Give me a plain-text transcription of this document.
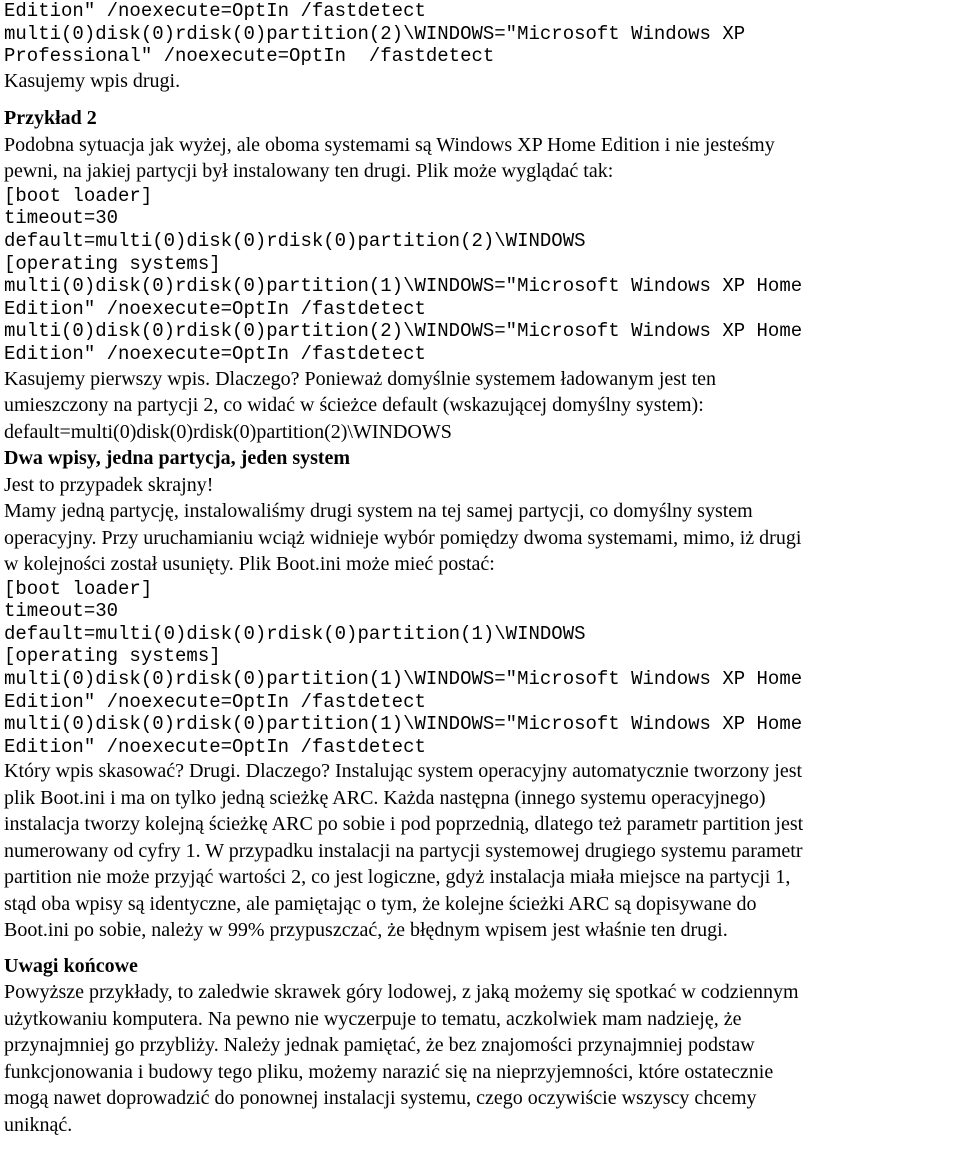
Edition" /noexecute=OptIn /fastdetect
multi(0)disk(0)rdisk(0)partition(2)\WINDOWS="Microsoft Windows XP
Professional" /noexecute=OptIn  /fastdetect
Kasujemy wpis drugi.
Przykład 2
Podobna sytuacja jak wyżej, ale oboma systemami są Windows XP Home Edition i nie jesteśmy
pewni, na jakiej partycji był instalowany ten drugi. Plik może wyglądać tak:
[boot loader]
timeout=30
default=multi(0)disk(0)rdisk(0)partition(2)\WINDOWS
[operating systems]
multi(0)disk(0)rdisk(0)partition(1)\WINDOWS="Microsoft Windows XP Home
Edition" /noexecute=OptIn /fastdetect
multi(0)disk(0)rdisk(0)partition(2)\WINDOWS="Microsoft Windows XP Home
Edition" /noexecute=OptIn /fastdetect
Kasujemy pierwszy wpis. Dlaczego? Ponieważ domyślnie systemem ładowanym jest ten
umieszczony na partycji 2, co widać w ścieżce default (wskazującej domyślny system):
default=multi(0)disk(0)rdisk(0)partition(2)\WINDOWS
Dwa wpisy, jedna partycja, jeden system
Jest to przypadek skrajny!
Mamy jedną partycję, instalowaliśmy drugi system na tej samej partycji, co domyślny system
operacyjny. Przy uruchamianiu wciąż widnieje wybór pomiędzy dwoma systemami, mimo, iż drugi
w kolejności został usunięty. Plik Boot.ini może mieć postać:
[boot loader]
timeout=30
default=multi(0)disk(0)rdisk(0)partition(1)\WINDOWS
[operating systems]
multi(0)disk(0)rdisk(0)partition(1)\WINDOWS="Microsoft Windows XP Home
Edition" /noexecute=OptIn /fastdetect
multi(0)disk(0)rdisk(0)partition(1)\WINDOWS="Microsoft Windows XP Home
Edition" /noexecute=OptIn /fastdetect
Który wpis skasować? Drugi. Dlaczego? Instalując system operacyjny automatycznie tworzony jest
plik Boot.ini i ma on tylko jedną scieżkę ARC. Każda następna (innego systemu operacyjnego)
instalacja tworzy kolejną ścieżkę ARC po sobie i pod poprzednią, dlatego też parametr partition jest
numerowany od cyfry 1. W przypadku instalacji na partycji systemowej drugiego systemu parametr
partition nie może przyjąć wartości 2, co jest logiczne, gdyż instalacja miała miejsce na partycji 1,
stąd oba wpisy są identyczne, ale pamiętając o tym, że kolejne ścieżki ARC są dopisywane do
Boot.ini po sobie, należy w 99% przypuszczać, że błędnym wpisem jest właśnie ten drugi.
Uwagi końcowe
Powyższe przykłady, to zaledwie skrawek góry lodowej, z jaką możemy się spotkać w codziennym
użytkowaniu komputera. Na pewno nie wyczerpuje to tematu, aczkolwiek mam nadzieję, że
przynajmniej go przybliży. Należy jednak pamiętać, że bez znajomości przynajmniej podstaw
funkcjonowania i budowy tego pliku, możemy narazić się na nieprzyjemności, które ostatecznie
mogą nawet doprowadzić do ponownej instalacji systemu, czego oczywiście wszyscy chcemy
uniknąć.
